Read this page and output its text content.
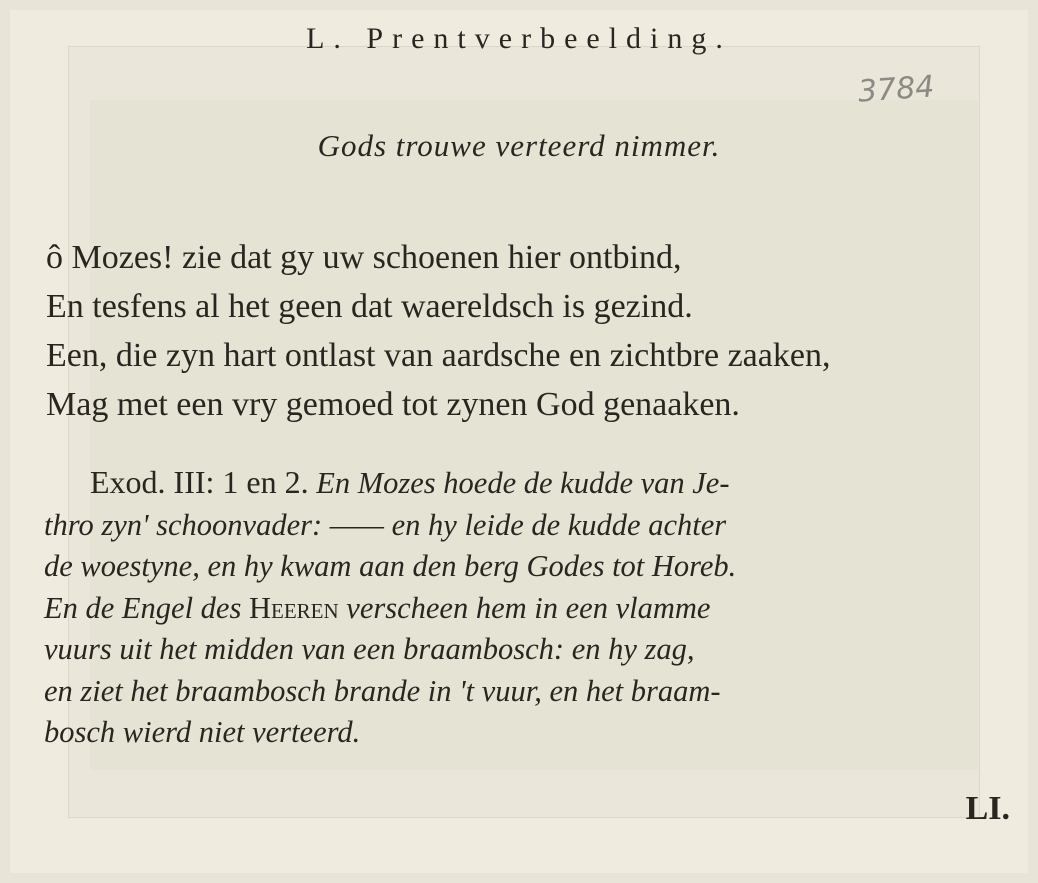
L. Prentverbeelding.
3784
Gods trouwe verteerd nimmer.
ô Mozes! zie dat gy uw schoenen hier ontbind,
En tesfens al het geen dat waereldsch is gezind.
Een, die zyn hart ontlast van aardsche en zichtbre zaaken,
Mag met een vry gemoed tot zynen God genaaken.
Exod. III: 1 en 2. En Mozes hoede de kudde van Je-
thro zyn' schoonvader: —— en hy leide de kudde achter
de woestyne, en hy kwam aan den berg Godes tot Horeb.
En de Engel des Heeren verscheen hem in een vlamme
vuurs uit het midden van een braambosch: en hy zag,
en ziet het braambosch brande in 't vuur, en het braam-
bosch wierd niet verteerd.
LI.
